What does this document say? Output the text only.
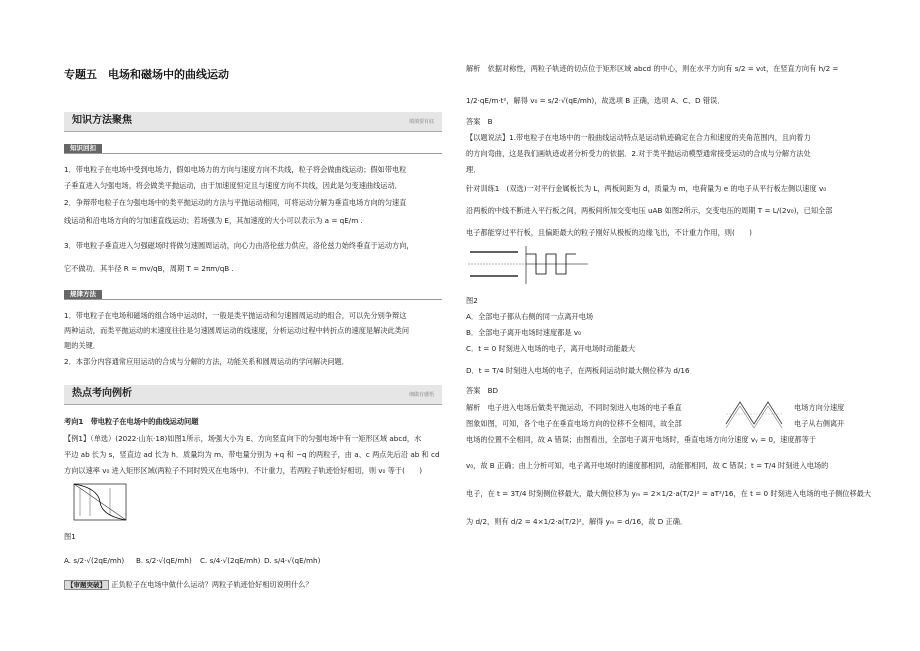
专题五　电场和磁场中的曲线运动
知识方法聚焦	填填要有底
知识回扣
1．带电粒子在电场中受到电场力，假如电场力的方向与速度方向不共线，粒子将会做曲线运动；假如带电粒
子垂直进入匀强电场，将会做类平抛运动，由于加速度恒定且与速度方向不共线，因此是匀变速曲线运动．
2．争辩带电粒子在匀强电场中的类平抛运动的方法与平抛运动相同，可将运动分解为垂直电场方向的匀速直
线运动和沿电场方向的匀加速直线运动；若场强为 E，其加速度的大小可以表示为 a = qE/m .
3．带电粒子垂直进入匀强磁场时将做匀速圆周运动，向心力由洛伦兹力供应，洛伦兹力始终垂直于运动方向，
它不做功．其半径 R = mv/qB，周期 T = 2πm/qB .
规律方法
1．带电粒子在电场和磁场的组合场中运动时，一般是类平抛运动和匀速圆周运动的组合，可以先分别争辩这
两种运动，而类平抛运动的末速度往往是匀速圆周运动的线速度，分析运动过程中转折点的速度是解决此类问
题的关键．
2．本部分内容通常应用运动的合成与分解的方法，功能关系和圆周运动的学问解决问题．
热点考向例析	细做有感悟
考向1　带电粒子在电场中的曲线运动问题
【例1】（单选）(2022·山东·18)如图1所示，场强大小为 E、方向竖直向下的匀强电场中有一矩形区域 abcd，水
平边 ab 长为 s，竖直边 ad 长为 h．质量均为 m、带电量分别为 +q 和 −q 的两粒子，由 a、c 两点先后沿 ab 和 cd
方向以速率 v₀ 进入矩形区域(两粒子不同时毁灭在电场中)．不计重力，若两粒子轨迹恰好相切，则 v₀ 等于(　　)
图1
A. s/2·√(2qE/mh) B. s/2·√(qE/mh) C. s/4·√(2qE/mh) D. s/4·√(qE/mh)
【审题突破】 正负粒子在电场中做什么运动？两粒子轨迹恰好相切说明什么？
解析　依据对称性，两粒子轨迹的切点位于矩形区域 abcd 的中心，则在水平方向有 s/2 = v₀t，在竖直方向有 h/2 =
1/2·qE/m·t²，解得 v₀ = s/2·√(qE/mh)，故选项 B 正确，选项 A、C、D 错误．
答案　B
【以题说法】1.带电粒子在电场中的一般曲线运动特点是运动轨迹确定在合力和速度的夹角范围内，且向着力
的方向弯曲，这是我们画轨迹或者分析受力的依据．2.对于类平抛运动模型通常接受运动的合成与分解方法处
理．
针对训练1　(双选)一对平行金属板长为 L，两板间距为 d，质量为 m，电荷量为 e 的电子从平行板左侧以速度 v₀
沿两板的中线不断进入平行板之间，两板间所加交变电压 uAB 如图2所示，交变电压的周期 T = L/(2v₀)，已知全部
电子都能穿过平行板，且偏距最大的粒子刚好从极板的边缘飞出，不计重力作用，则(　　)
图2
A．全部电子都从右侧的同一点离开电场
B．全部电子离开电场时速度都是 v₀
C．t = 0 时刻进入电场的电子，离开电场时动能最大
D．t = T/4 时刻进入电场的电子，在两板间运动时最大侧位移为 d/16
答案　BD
解析　电子进入电场后做类平抛运动，不同时刻进入电场的电子垂直
图象如图，可知，各个电子在垂直电场方向的位移不全相同，故全部
电场方向分速度
电子从右侧离开
电场的位置不全相同，故 A 错误；由图看出，全部电子离开电场时，垂直电场方向分速度 vᵧ = 0，速度都等于
v₀，故 B 正确；由上分析可知，电子离开电场时的速度都相同，动能都相同，故 C 错误；t = T/4 时刻进入电场的
电子，在 t = 3T/4 时刻侧位移最大，最大侧位移为 yₘ = 2×1/2·a(T/2)² = aT²/16，在 t = 0 时刻进入电场的电子侧位移最大
为 d/2，则有 d/2 = 4×1/2·a(T/2)²，解得 yₘ = d/16，故 D 正确．
